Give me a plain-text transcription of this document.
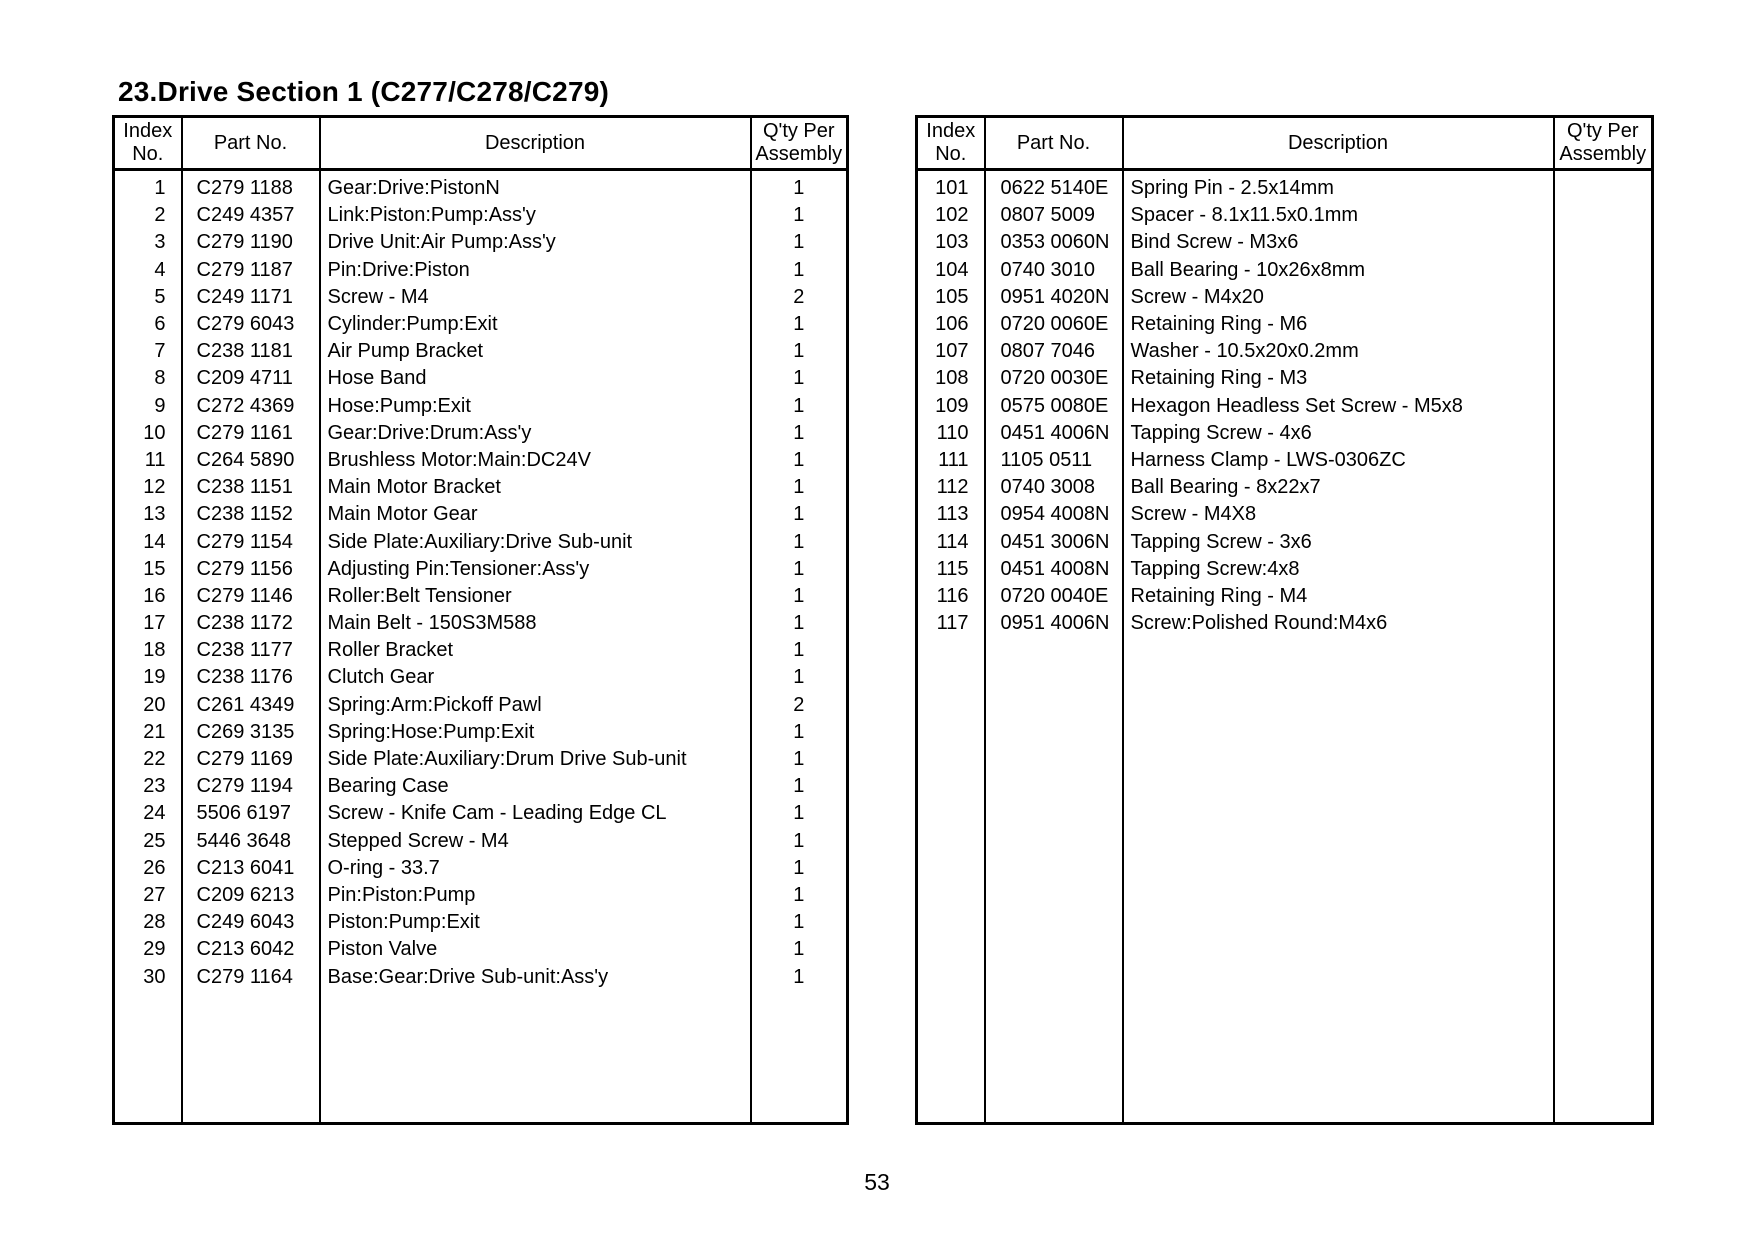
23.Drive Section 1 (C277/C278/C279)
Index
No.	Part No.	Description	Q'ty Per
Assembly
1	C279 1188	Gear:Drive:PistonN	1
2	C249 4357	Link:Piston:Pump:Ass'y	1
3	C279 1190	Drive Unit:Air Pump:Ass'y	1
4	C279 1187	Pin:Drive:Piston	1
5	C249 1171	Screw - M4	2
6	C279 6043	Cylinder:Pump:Exit	1
7	C238 1181	Air Pump Bracket	1
8	C209 4711	Hose Band	1
9	C272 4369	Hose:Pump:Exit	1
10	C279 1161	Gear:Drive:Drum:Ass'y	1
11	C264 5890	Brushless Motor:Main:DC24V	1
12	C238 1151	Main Motor Bracket	1
13	C238 1152	Main Motor Gear	1
14	C279 1154	Side Plate:Auxiliary:Drive Sub-unit	1
15	C279 1156	Adjusting Pin:Tensioner:Ass'y	1
16	C279 1146	Roller:Belt Tensioner	1
17	C238 1172	Main Belt - 150S3M588	1
18	C238 1177	Roller Bracket	1
19	C238 1176	Clutch Gear	1
20	C261 4349	Spring:Arm:Pickoff Pawl	2
21	C269 3135	Spring:Hose:Pump:Exit	1
22	C279 1169	Side Plate:Auxiliary:Drum Drive Sub-unit	1
23	C279 1194	Bearing Case	1
24	5506 6197	Screw - Knife Cam - Leading Edge CL	1
25	5446 3648	Stepped Screw - M4	1
26	C213 6041	O-ring - 33.7	1
27	C209 6213	Pin:Piston:Pump	1
28	C249 6043	Piston:Pump:Exit	1
29	C213 6042	Piston Valve	1
30	C279 1164	Base:Gear:Drive Sub-unit:Ass'y	1

Index
No.	Part No.	Description	Q'ty Per
Assembly
101	0622 5140E	Spring Pin - 2.5x14mm	
102	0807 5009	Spacer - 8.1x11.5x0.1mm	
103	0353 0060N	Bind Screw - M3x6	
104	0740 3010	Ball Bearing - 10x26x8mm	
105	0951 4020N	Screw - M4x20	
106	0720 0060E	Retaining Ring - M6	
107	0807 7046	Washer - 10.5x20x0.2mm	
108	0720 0030E	Retaining Ring - M3	
109	0575 0080E	Hexagon Headless Set Screw - M5x8	
110	0451 4006N	Tapping Screw - 4x6	
111	1105 0511	Harness Clamp - LWS-0306ZC	
112	0740 3008	Ball Bearing - 8x22x7	
113	0954 4008N	Screw - M4X8	
114	0451 3006N	Tapping Screw - 3x6	
115	0451 4008N	Tapping Screw:4x8	
116	0720 0040E	Retaining Ring - M4	
117	0951 4006N	Screw:Polished Round:M4x6	

53
